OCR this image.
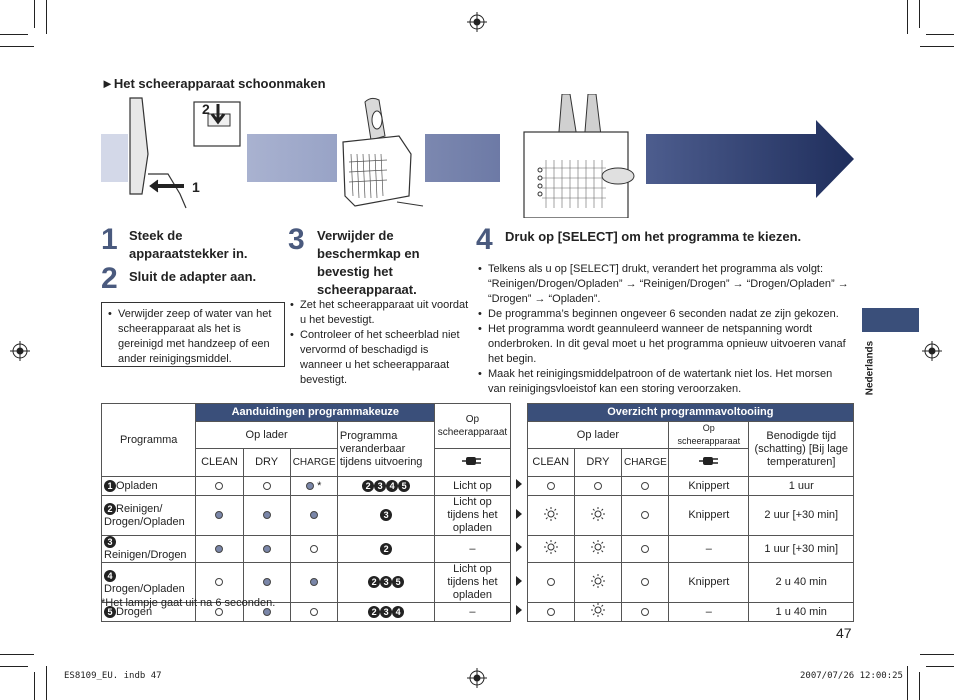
►Het scheerapparaat schoonmaken
2
1
1 Steek de apparaatstekker in.
2 Sluit de adapter aan.
3 Verwijder de beschermkap en bevestig het scheerapparaat.
4 Druk op [SELECT] om het programma te kiezen.
• Verwijder zeep of water van het scheerapparaat als het is gereinigd met handzeep of een ander reinigingsmiddel.
• Zet het scheerapparaat uit voordat u het bevestigt.
• Controleer of het scheerblad niet vervormd of beschadigd is wanneer u het scheerapparaat bevestigt.
• Telkens als u op [SELECT] drukt, verandert het programma als volgt: “Reinigen/Drogen/Opladen” → “Reinigen/Drogen” → “Drogen/Opladen” → “Drogen” → “Opladen”.
• De programma’s beginnen ongeveer 6 seconden nadat ze zijn gekozen.
• Het programma wordt geannuleerd wanneer de netspanning wordt onderbroken. In dit geval moet u het programma opnieuw uitvoeren vanaf het begin.
• Maak het reinigingsmiddelpatroon of de watertank niet los. Het morsen van reinigingsvloeistof kan een storing veroorzaken.	Nederlands
Programma	Aanduidingen programmakeuze				Op scheerapparaat		Overzicht programmavoltooiing				
	Op lader			Programma veranderbaar tijdens uitvoering			Op lader			Op scheerapparaat	Benodigde tijd (schatting) [Bij lage temperaturen]
	CLEAN	DRY	CHARGE				CLEAN	DRY	CHARGE	
1 Opladen			*	2 3 4 5	Licht op					Knippert	1 uur
2 Reinigen/ Drogen/Opladen				3	Licht op tijdens het opladen					Knippert	2 uur [+30 min]
3Reinigen/Drogen				2	–					–	1 uur [+30 min]
4Drogen/Opladen				2 3 5	Licht op tijdens het opladen					Knippert	2 u 40 min
5 Drogen				2 3 4	–					–	1 u 40 min
*Het lampje gaat uit na 6 seconden.
47
ES8109_EU. indb 47	2007/07/26 12:00:25
